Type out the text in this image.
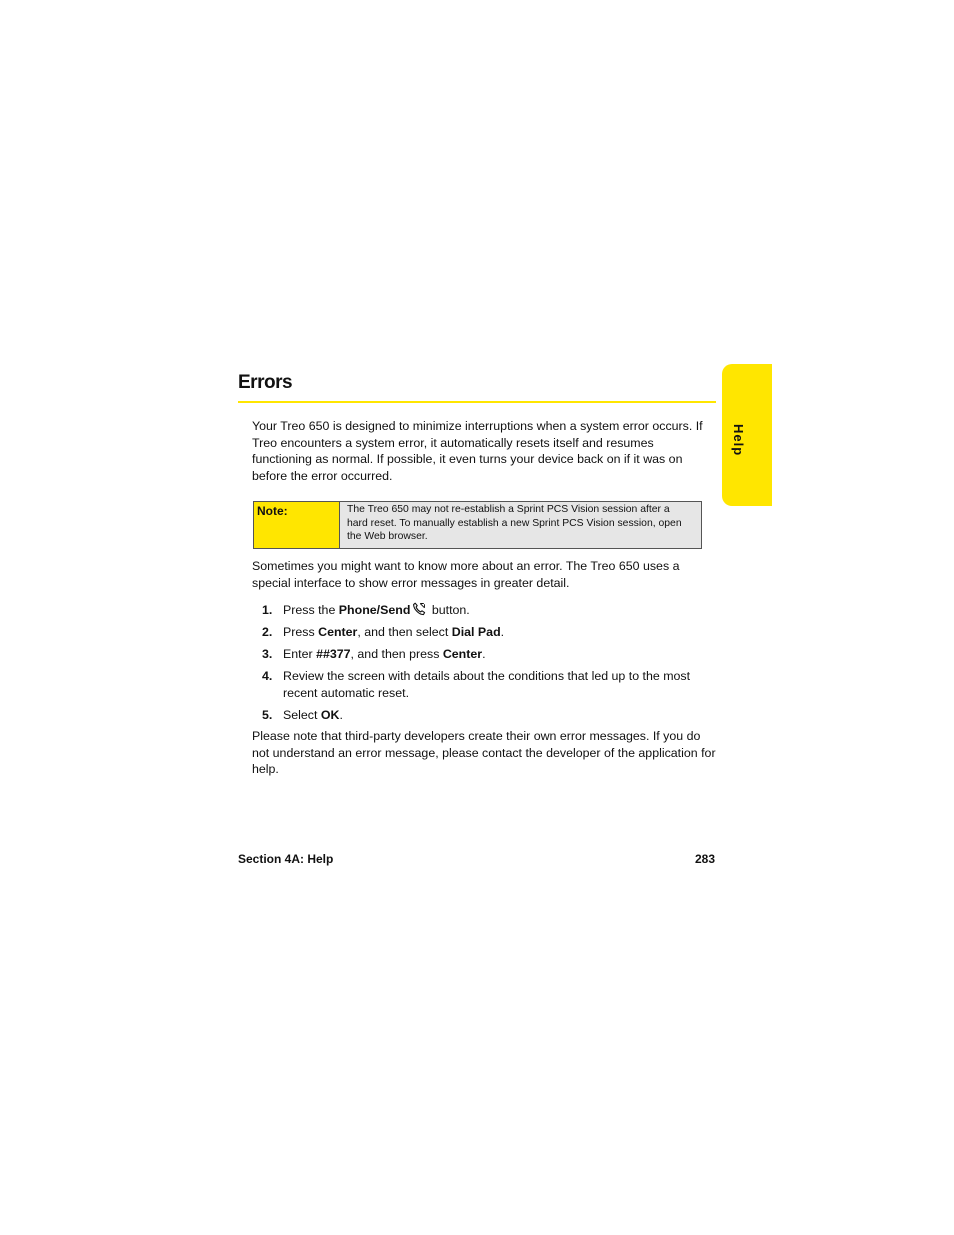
Errors
Help

Your Treo 650 is designed to minimize interruptions when a system error occurs. If Treo encounters a system error, it automatically resets itself and resumes functioning as normal. If possible, it even turns your device back on if it was on before the error occurred.

Note:	The Treo 650 may not re-establish a Sprint PCS Vision session after a hard reset. To manually establish a new Sprint PCS Vision session, open the Web browser.

Sometimes you might want to know more about an error. The Treo 650 uses a special interface to show error messages in greater detail.

1. Press the Phone/Send button.
2. Press Center, and then select Dial Pad.
3. Enter ##377, and then press Center.
4. Review the screen with details about the conditions that led up to the most recent automatic reset.
5. Select OK.

Please note that third-party developers create their own error messages. If you do not understand an error message, please contact the developer of the application for help.

Section 4A: Help	283
